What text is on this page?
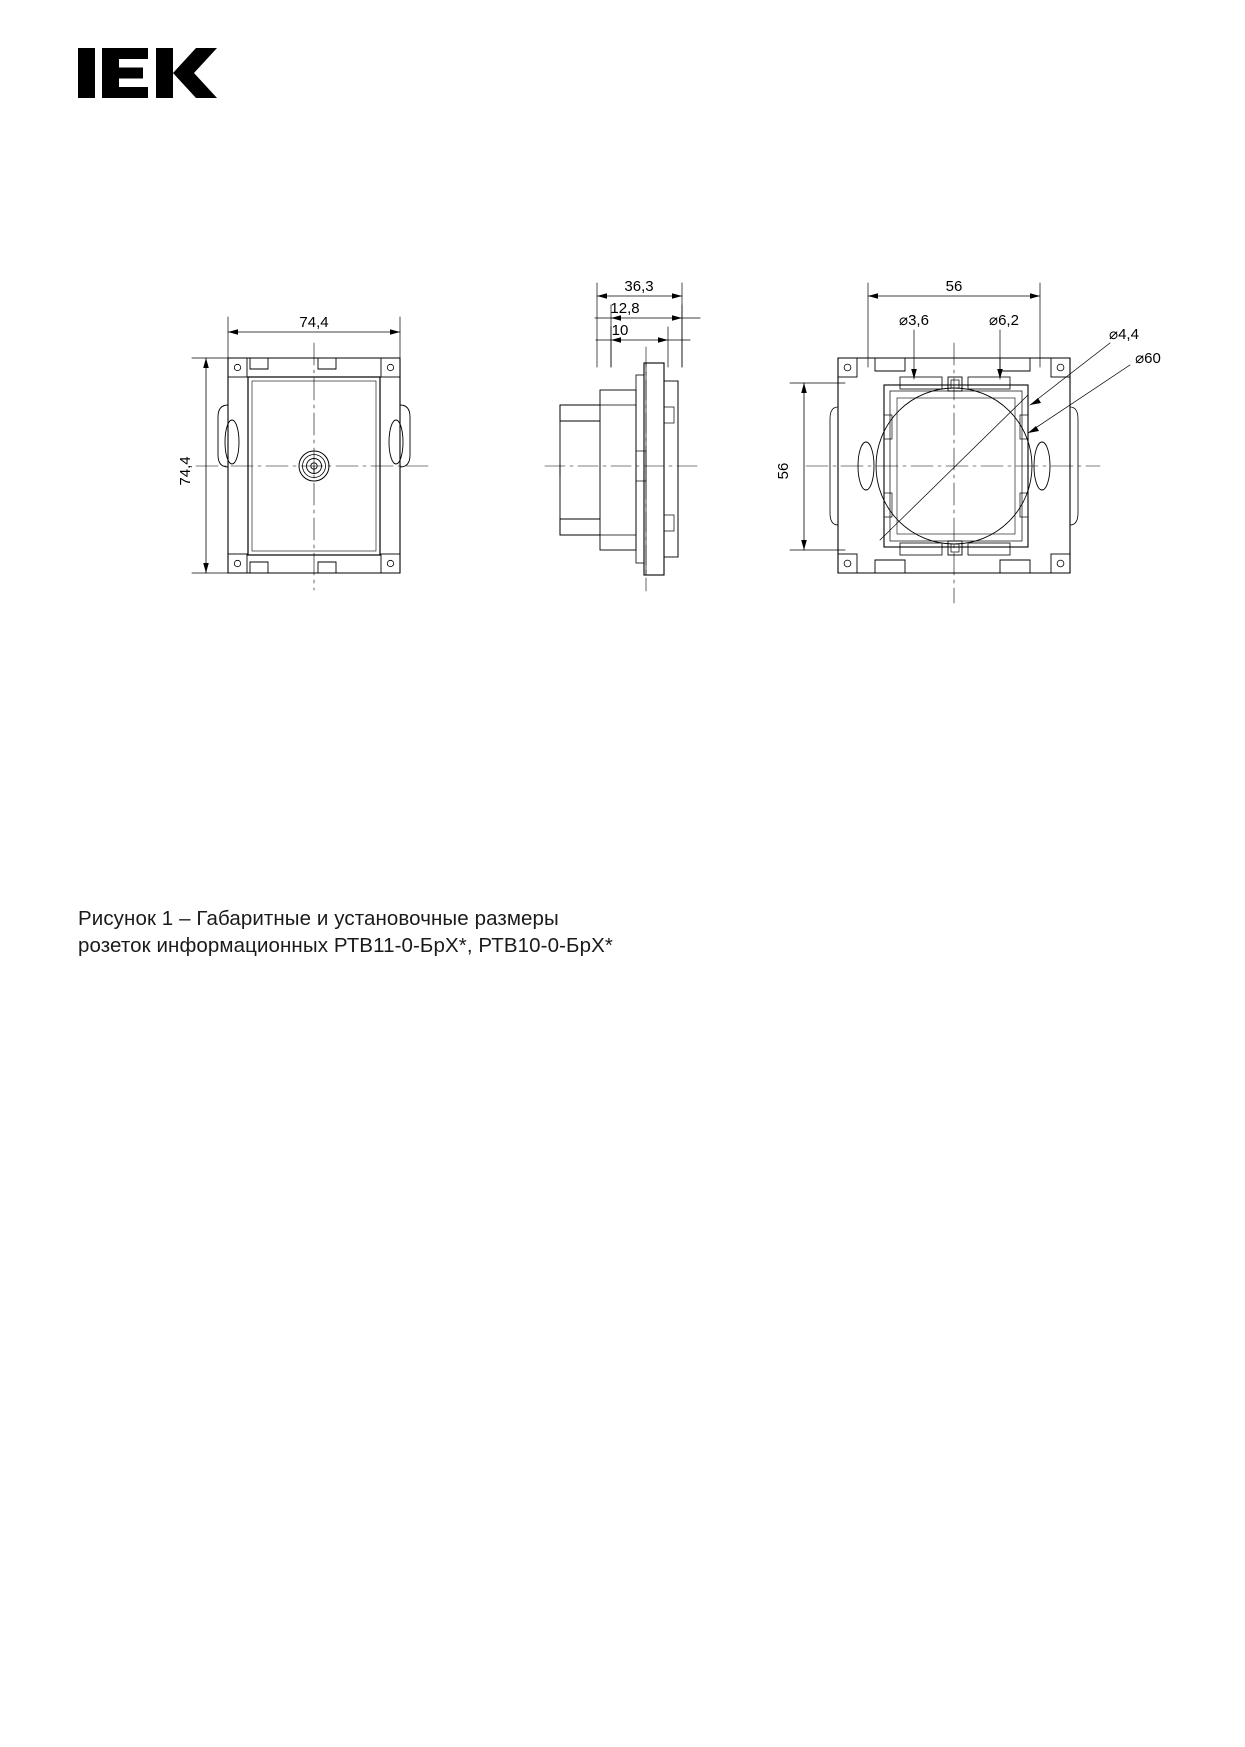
74,4
74,4
36,3
12,8
10
56
56
⌀3,6	⌀6,2
⌀4,4
⌀60
Рисунок 1 – Габаритные и установочные размеры
розеток информационных РТВ11-0-БрХ*, РТВ10-0-БрХ*
